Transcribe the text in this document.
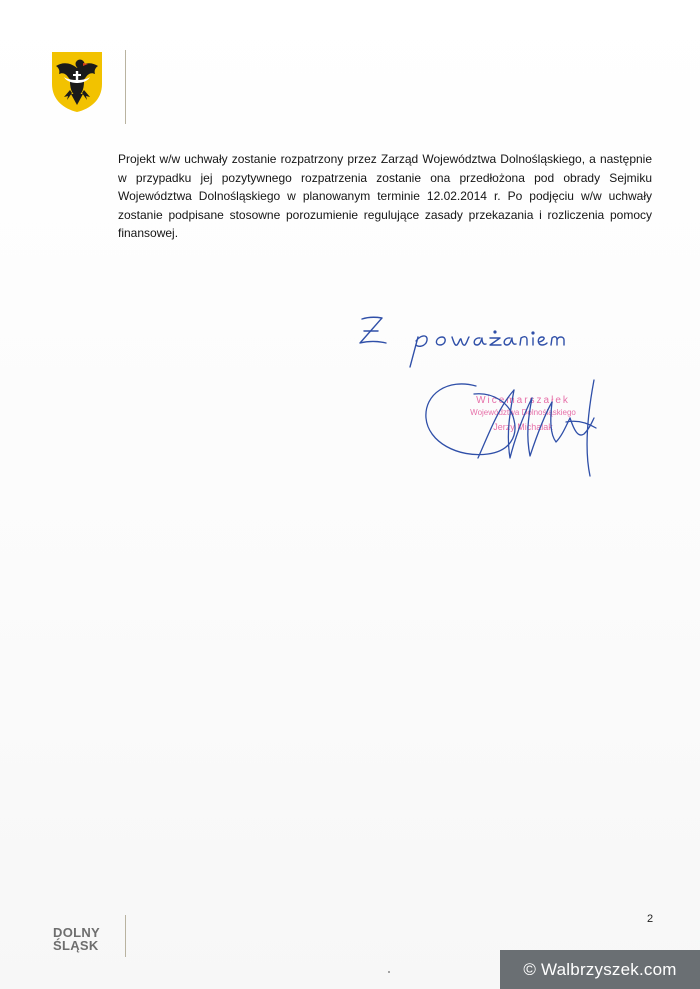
Projekt w/w uchwały zostanie rozpatrzony przez Zarząd Województwa Dolnośląskiego, a następnie w przypadku jej pozytywnego rozpatrzenia zostanie ona przedłożona pod obrady Sejmiku Województwa Dolnośląskiego w planowanym terminie 12.02.2014 r. Po podjęciu w/w uchwały zostanie podpisane stosowne porozumienie regulujące zasady przekazania i rozliczenia pomocy finansowej.

Wicemarszałek
Województwa Dolnośląskiego
Jerzy Michalak
DOLNY
ŚLĄSK
2
© Walbrzyszek.com
